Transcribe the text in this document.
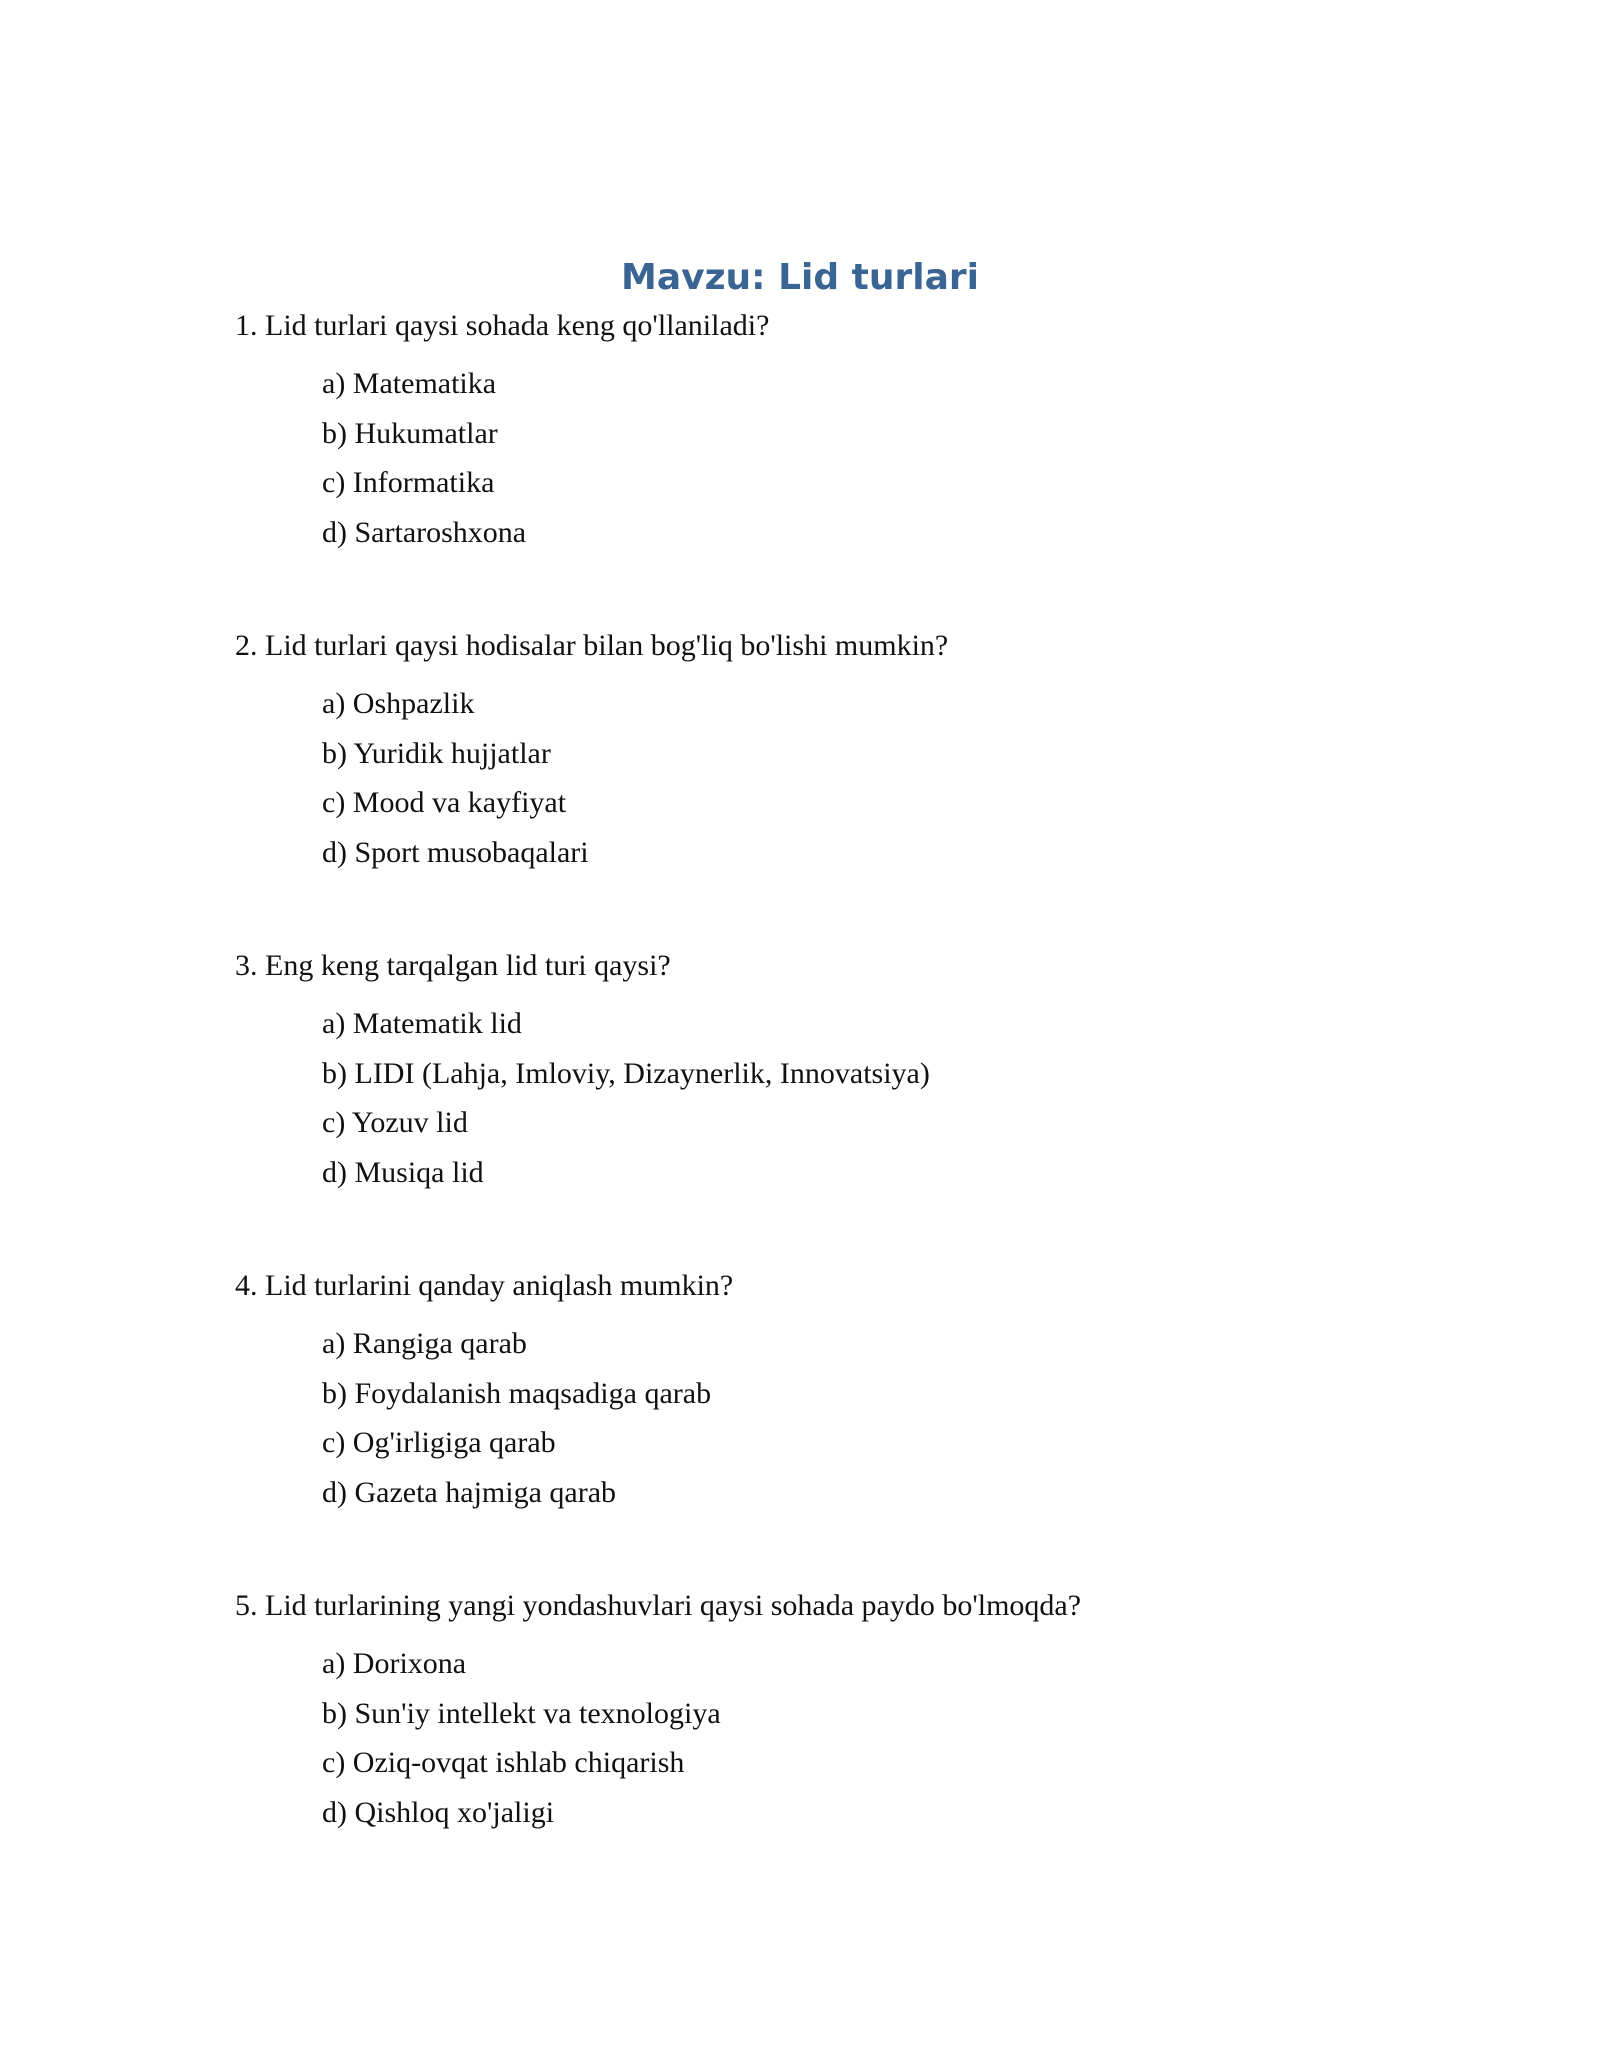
Mavzu: Lid turlari
1. Lid turlari qaysi sohada keng qo'llaniladi?
a) Matematika
b) Hukumatlar
c) Informatika
d) Sartaroshxona
2. Lid turlari qaysi hodisalar bilan bog'liq bo'lishi mumkin?
a) Oshpazlik
b) Yuridik hujjatlar
c) Mood va kayfiyat
d) Sport musobaqalari
3. Eng keng tarqalgan lid turi qaysi?
a) Matematik lid
b) LIDI (Lahja, Imloviy, Dizaynerlik, Innovatsiya)
c) Yozuv lid
d) Musiqa lid
4. Lid turlarini qanday aniqlash mumkin?
a) Rangiga qarab
b) Foydalanish maqsadiga qarab
c) Og'irligiga qarab
d) Gazeta hajmiga qarab
5. Lid turlarining yangi yondashuvlari qaysi sohada paydo bo'lmoqda?
a) Dorixona
b) Sun'iy intellekt va texnologiya
c) Oziq-ovqat ishlab chiqarish
d) Qishloq xo'jaligi
